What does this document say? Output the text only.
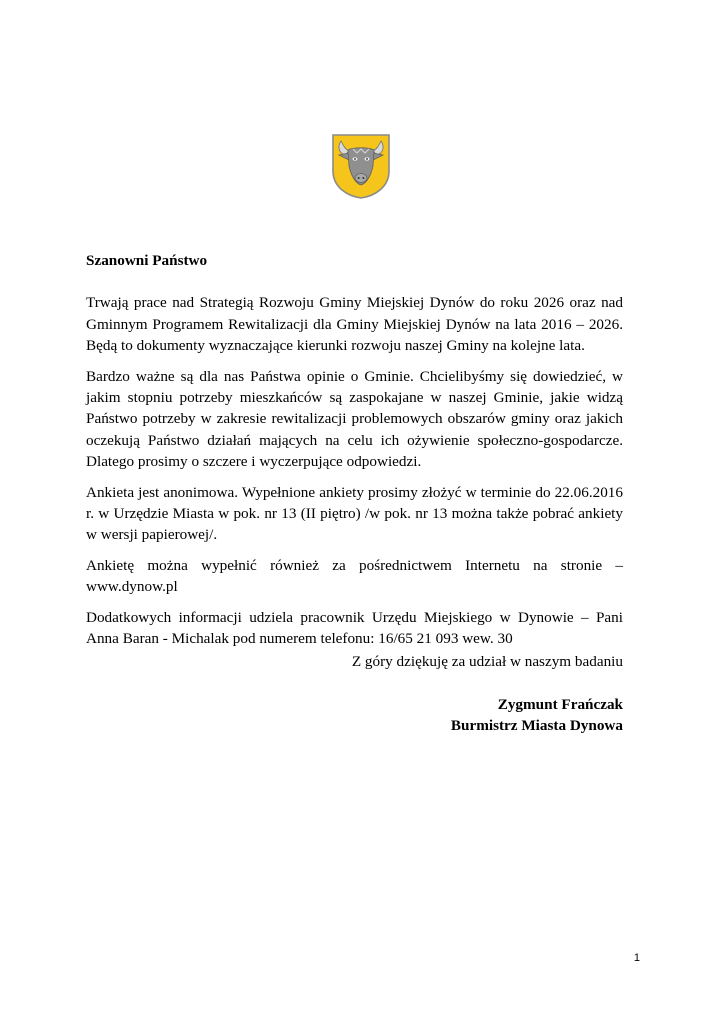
Szanowni Państwo

Trwają prace nad Strategią Rozwoju Gminy Miejskiej Dynów do roku 2026 oraz nad Gminnym Programem Rewitalizacji dla Gminy Miejskiej Dynów na lata 2016 – 2026. Będą to dokumenty wyznaczające kierunki rozwoju naszej Gminy na kolejne lata.

Bardzo ważne są dla nas Państwa opinie o Gminie. Chcielibyśmy się dowiedzieć, w jakim stopniu potrzeby mieszkańców są zaspokajane w naszej Gminie, jakie widzą Państwo potrzeby w zakresie rewitalizacji problemowych obszarów gminy oraz jakich oczekują Państwo działań mających na celu ich ożywienie społeczno-gospodarcze. Dlatego prosimy o szczere i wyczerpujące odpowiedzi.

Ankieta jest anonimowa. Wypełnione ankiety prosimy złożyć w terminie do 22.06.2016 r. w Urzędzie Miasta w pok. nr 13 (II piętro) /w pok. nr 13 można także pobrać ankiety w wersji papierowej/.

Ankietę można wypełnić również za pośrednictwem Internetu na stronie – www.dynow.pl

Dodatkowych informacji udziela pracownik Urzędu Miejskiego w Dynowie – Pani Anna Baran - Michalak pod numerem telefonu: 16/65 21 093 wew. 30

Z góry dziękuję za udział w naszym badaniu
Zygmunt Frańczak
Burmistrz Miasta Dynowa
1
